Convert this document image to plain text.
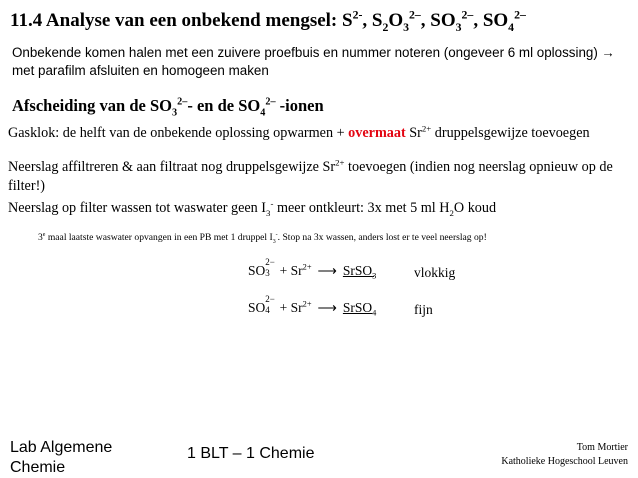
11.4 Analyse van een onbekend mengsel: $S^{2-}$, $S_2O_3^{2-}$, $SO_3^{2-}$, $SO_4^{2-}$
Onbekende komen halen met een zuivere proefbuis en nummer noteren (ongeveer 6 ml oplossing) → met parafilm afsluiten en homogeen maken
Afscheiding van de $SO_3^{2-}-$ en de $SO_4^{2-}$ -ionen
Gasklok: de helft van de onbekende oplossing opwarmen + overmaat $Sr^{2+}$ druppelsgewijze toevoegen
Neerslag affiltreren & aan filtraat nog druppelsgewijze $Sr^{2+}$ toevoegen (indien nog neerslag opnieuw op de filter!)
Neerslag op filter wassen tot waswater geen $I_3^-$ meer ontkleurt: 3x met 5 ml $H_2O$ koud
3e maal laatste waswater opvangen in een PB met 1 druppel $I_3^-$. Stop na 3x wassen, anders lost er te veel neerslag op!
SO
2−
$3 + Sr^{2+}$ ⟶ SrSO$_3$	vlokkig
SO
2−
$4 + Sr^{2+}$ ⟶ SrSO$_4$	fijn
Lab Algemene
Chemie
1 BLT – 1 Chemie	Tom Mortier
Katholieke Hogeschool Leuven
